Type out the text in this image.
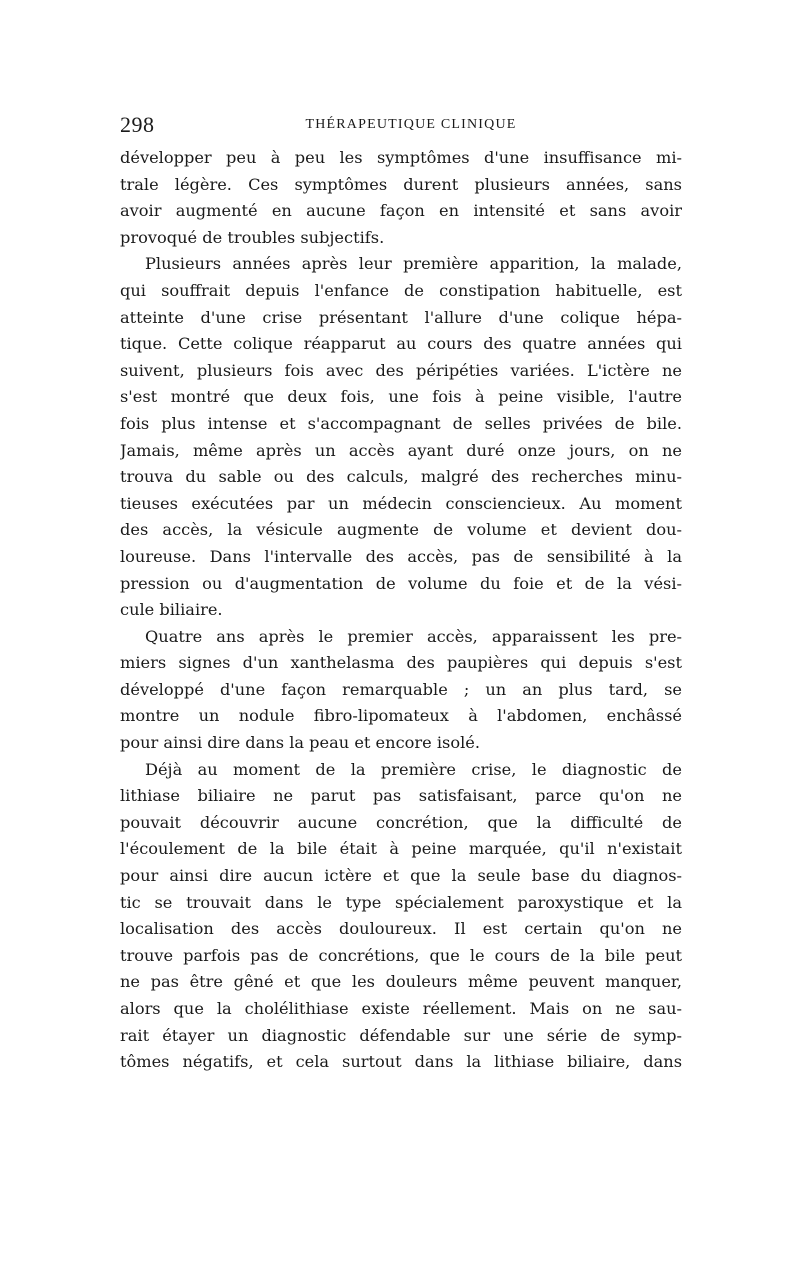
298	THÉRAPEUTIQUE CLINIQUE
développer peu à peu les symptômes d'une insuffisance mi-
trale légère. Ces symptômes durent plusieurs années, sans
avoir augmenté en aucune façon en intensité et sans avoir
provoqué de troubles subjectifs.
Plusieurs années après leur première apparition, la malade,
qui souffrait depuis l'enfance de constipation habituelle, est
atteinte d'une crise présentant l'allure d'une colique hépa-
tique. Cette colique réapparut au cours des quatre années qui
suivent, plusieurs fois avec des péripéties variées. L'ictère ne
s'est montré que deux fois, une fois à peine visible, l'autre
fois plus intense et s'accompagnant de selles privées de bile.
Jamais, même après un accès ayant duré onze jours, on ne
trouva du sable ou des calculs, malgré des recherches minu-
tieuses exécutées par un médecin consciencieux. Au moment
des accès, la vésicule augmente de volume et devient dou-
loureuse. Dans l'intervalle des accès, pas de sensibilité à la
pression ou d'augmentation de volume du foie et de la vési-
cule biliaire.
Quatre ans après le premier accès, apparaissent les pre-
miers signes d'un xanthelasma des paupières qui depuis s'est
développé d'une façon remarquable ; un an plus tard, se
montre un nodule fibro-lipomateux à l'abdomen, enchâssé
pour ainsi dire dans la peau et encore isolé.
Déjà au moment de la première crise, le diagnostic de
lithiase biliaire ne parut pas satisfaisant, parce qu'on ne
pouvait découvrir aucune concrétion, que la difficulté de
l'écoulement de la bile était à peine marquée, qu'il n'existait
pour ainsi dire aucun ictère et que la seule base du diagnos-
tic se trouvait dans le type spécialement paroxystique et la
localisation des accès douloureux. Il est certain qu'on ne
trouve parfois pas de concrétions, que le cours de la bile peut
ne pas être gêné et que les douleurs même peuvent manquer,
alors que la cholélithiase existe réellement. Mais on ne sau-
rait étayer un diagnostic défendable sur une série de symp-
tômes négatifs, et cela surtout dans la lithiase biliaire, dans
